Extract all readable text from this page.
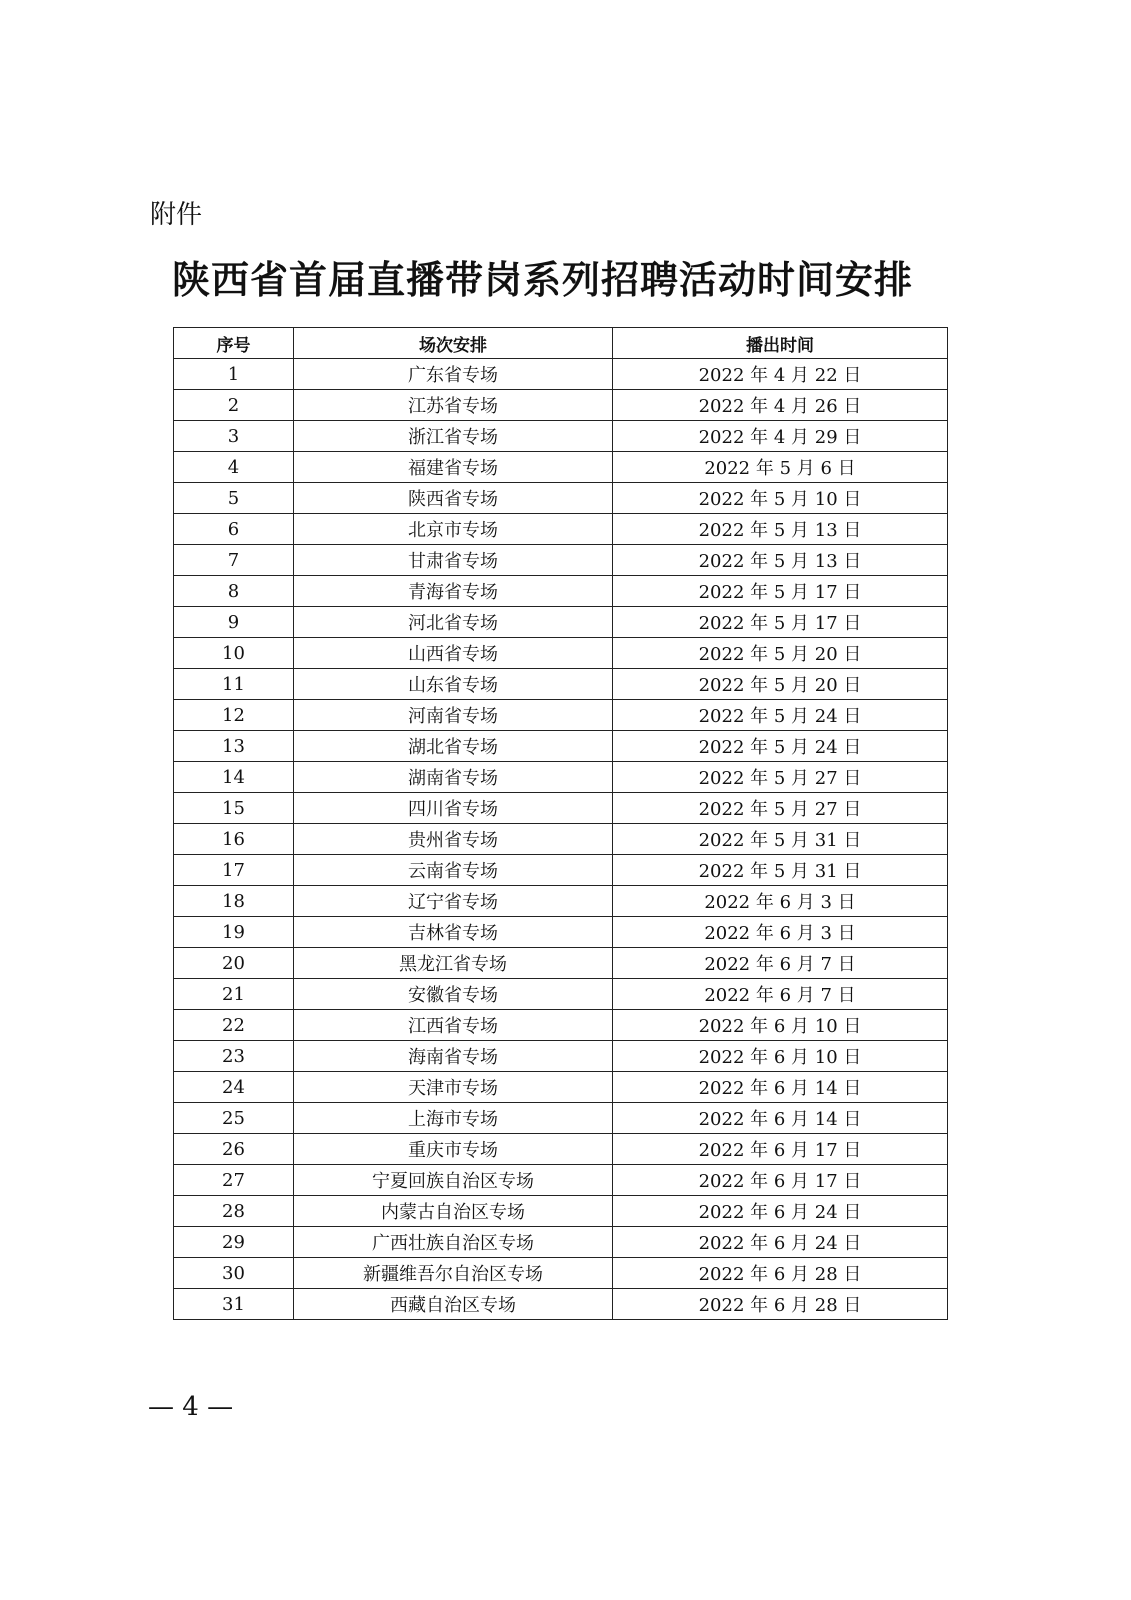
附件
陕西省首届直播带岗系列招聘活动时间安排
序号	场次安排	播出时间
1	广东省专场	2022 年 4 月 22 日
2	江苏省专场	2022 年 4 月 26 日
3	浙江省专场	2022 年 4 月 29 日
4	福建省专场	2022 年 5 月 6 日
5	陕西省专场	2022 年 5 月 10 日
6	北京市专场	2022 年 5 月 13 日
7	甘肃省专场	2022 年 5 月 13 日
8	青海省专场	2022 年 5 月 17 日
9	河北省专场	2022 年 5 月 17 日
10	山西省专场	2022 年 5 月 20 日
11	山东省专场	2022 年 5 月 20 日
12	河南省专场	2022 年 5 月 24 日
13	湖北省专场	2022 年 5 月 24 日
14	湖南省专场	2022 年 5 月 27 日
15	四川省专场	2022 年 5 月 27 日
16	贵州省专场	2022 年 5 月 31 日
17	云南省专场	2022 年 5 月 31 日
18	辽宁省专场	2022 年 6 月 3 日
19	吉林省专场	2022 年 6 月 3 日
20	黑龙江省专场	2022 年 6 月 7 日
21	安徽省专场	2022 年 6 月 7 日
22	江西省专场	2022 年 6 月 10 日
23	海南省专场	2022 年 6 月 10 日
24	天津市专场	2022 年 6 月 14 日
25	上海市专场	2022 年 6 月 14 日
26	重庆市专场	2022 年 6 月 17 日
27	宁夏回族自治区专场	2022 年 6 月 17 日
28	内蒙古自治区专场	2022 年 6 月 24 日
29	广西壮族自治区专场	2022 年 6 月 24 日
30	新疆维吾尔自治区专场	2022 年 6 月 28 日
31	西藏自治区专场	2022 年 6 月 28 日
— 4 —
